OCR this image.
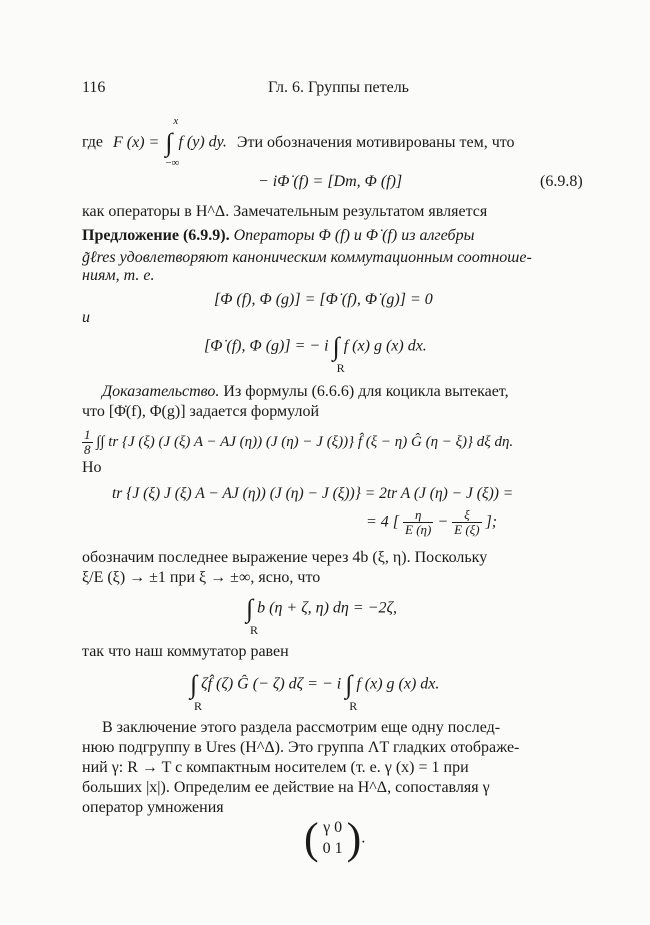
116	Гл. 6. Группы петель
где F (x) = ∫
x
−∞
f (y) dy. Эти обозначения мотивированы тем, что
− iΦ̇ (f) = [Dm, Φ (f)]	(6.9.8)
как операторы в H^Δ. Замечательным результатом является
Предложение (6.9.9). Операторы Φ (f) и Φ̇ (f) из алгебры
g̃ℓres удовлетворяют каноническим коммутационным соотноше-
ниям, т. е.
[Φ (f), Φ (g)] = [Φ̇ (f), Φ̇ (g)] = 0
и
[Φ̇ (f), Φ (g)] = − i ∫
R
f (x) g (x) dx.
Доказательство. Из формулы (6.6.6) для коцикла вытекает,
что [Φ̇(f), Φ(g)] задается формулой
$\frac{1}{8}$ ∫∫ tr {J (ξ) (J (ξ) A − AJ (η)) (J (η) − J (ξ))} f̂ (ξ − η) Ĝ (η − ξ)} dξ dη.
Но
tr {J (ξ) J (ξ) A − AJ (η)) (J (η) − J (ξ))} = 2tr A (J (η) − J (ξ)) =
= 4 [ $\frac{\eta}{E (\eta)} - \frac{\xi}{E (\xi)}$ ];
обозначим последнее выражение через 4b (ξ, η). Поскольку
ξ/E (ξ) → ±1 при ξ → ±∞, ясно, что
∫
R
b (η + ζ, η) dη = −2ζ,
так что наш коммутатор равен
∫
R
ζf̂ (ζ) Ĝ (− ζ) dζ = − i ∫
R
f (x) g (x) dx.
В заключение этого раздела рассмотрим еще одну послед-
нюю подгруппу в Ures (H^Δ). Это группа ΛT гладких отображе-
ний γ: R → T с компактным носителем (т. е. γ (x) = 1 при
больших |x|). Определим ее действие на H^Δ, сопоставляя γ
оператор умножения
( γ 0
0 1 ).
